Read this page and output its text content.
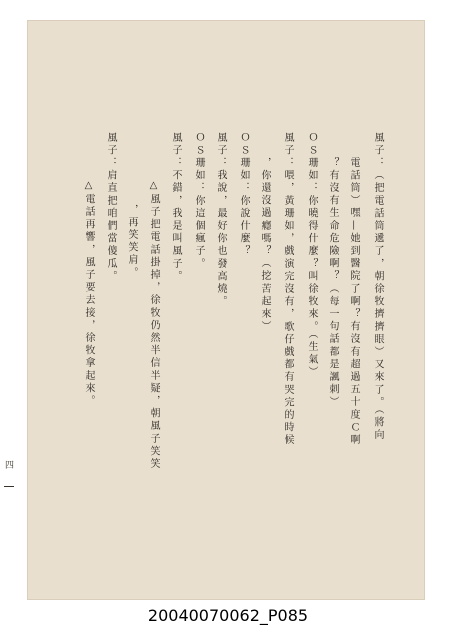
風子：（把電話筒遞了，朝徐牧擠擠眼）又來了。（將向
電話筒）嘿—她到醫院了啊？有沒有超過五十度Ｃ啊
？有沒有生命危險啊？（每一句話都是諷刺）
ＯＳ珊如：你曉得什麼？叫徐牧來。（生氣）
風子：喂，黃珊如，戲演完沒有，歌仔戲都有哭完的時候
，你還沒過癮嗎？（挖苦起來）
ＯＳ珊如：你說什麼？
風子：我說，最好你也發高燒。
ＯＳ珊如：你這個瘋子。
風子：不錯，我是叫風子。
△風子把電話掛掉，徐牧仍然半信半疑，朝風子笑笑
，再笑笑肩。
風子：肩直把咱們當傻瓜。
△電話再響，風子要去接，徐牧拿起來。
四
20040070062_P085
